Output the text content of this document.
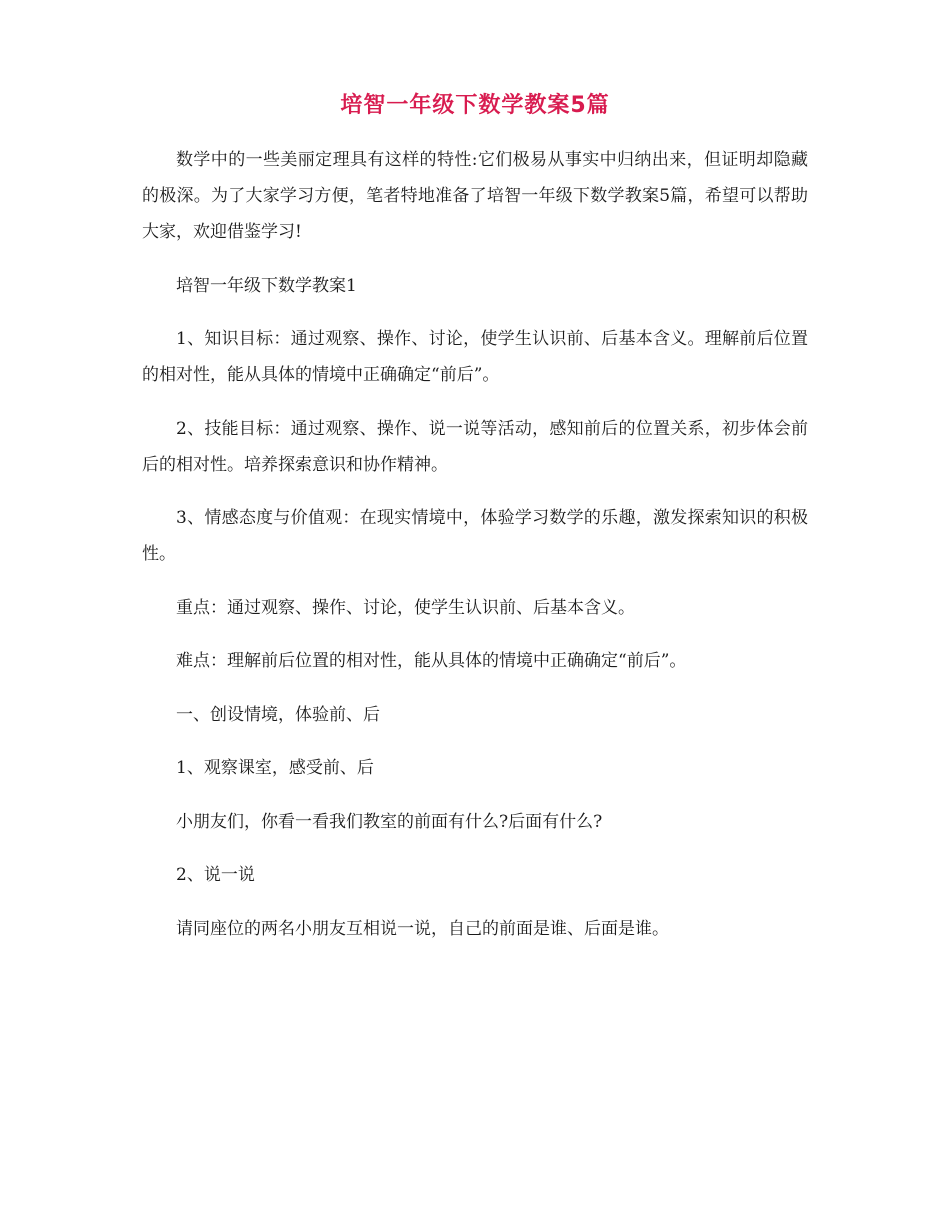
培智一年级下数学教案5篇

数学中的一些美丽定理具有这样的特性:它们极易从事实中归纳出来，但证明却隐藏的极深。为了大家学习方便，笔者特地准备了培智一年级下数学教案5篇，希望可以帮助大家，欢迎借鉴学习!

培智一年级下数学教案1

1、知识目标：通过观察、操作、讨论，使学生认识前、后基本含义。理解前后位置的相对性，能从具体的情境中正确确定“前后”。

2、技能目标：通过观察、操作、说一说等活动，感知前后的位置关系，初步体会前后的相对性。培养探索意识和协作精神。

3、情感态度与价值观：在现实情境中，体验学习数学的乐趣，激发探索知识的积极性。

重点：通过观察、操作、讨论，使学生认识前、后基本含义。

难点：理解前后位置的相对性，能从具体的情境中正确确定“前后”。

一、创设情境，体验前、后

1、观察课室，感受前、后

小朋友们，你看一看我们教室的前面有什么?后面有什么?

2、说一说

请同座位的两名小朋友互相说一说，自己的前面是谁、后面是谁。
